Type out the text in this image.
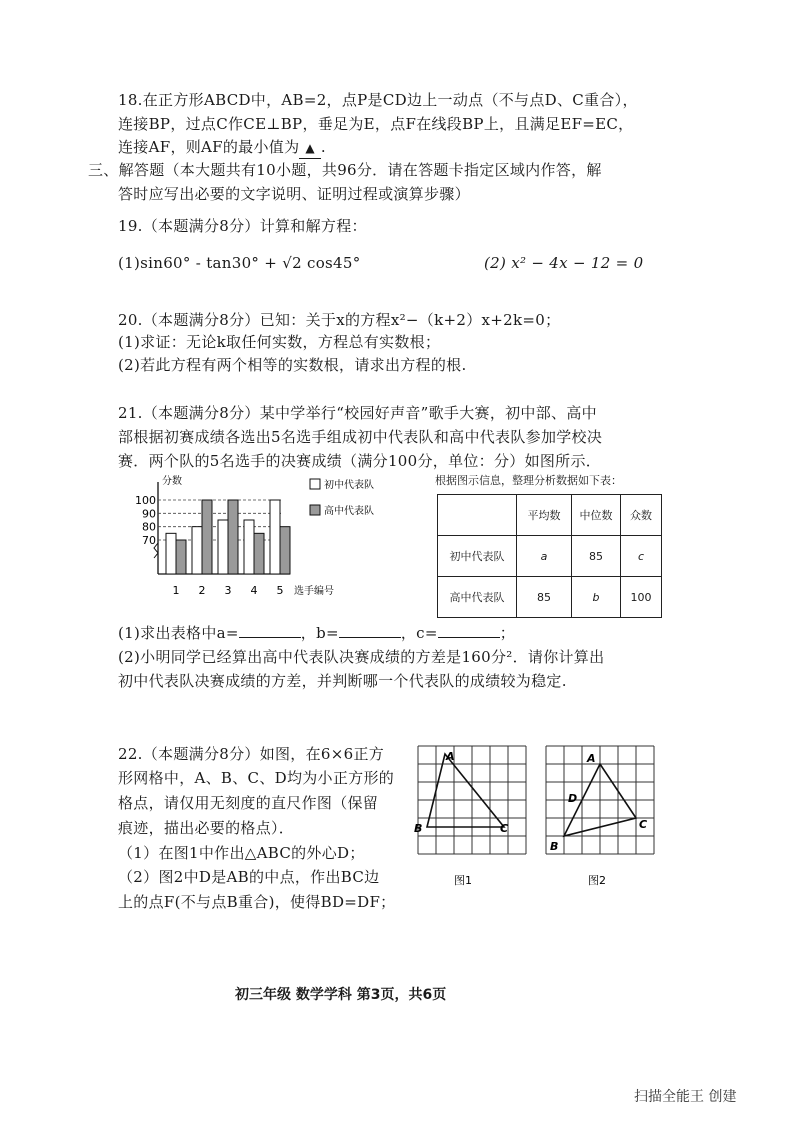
18.在正方形ABCD中，AB=2，点P是CD边上一动点（不与点D、C重合），
连接BP，过点C作CE⊥BP，垂足为E，点F在线段BP上，且满足EF=EC，
连接AF，则AF的最小值为 ▲ .
三、解答题（本大题共有10小题，共96分．请在答题卡指定区域内作答，解
答时应写出必要的文字说明、证明过程或演算步骤）
19.（本题满分8分）计算和解方程：
(1)sin60° - tan30° + √2 cos45°	(2) x² − 4x − 12 = 0
20.（本题满分8分）已知：关于x的方程x²−（k+2）x+2k=0；
(1)求证：无论k取任何实数，方程总有实数根；
(2)若此方程有两个相等的实数根，请求出方程的根.
21.（本题满分8分）某中学举行“校园好声音”歌手大赛，初中部、高中
部根据初赛成绩各选出5名选手组成初中代表队和高中代表队参加学校决
赛．两个队的5名选手的决赛成绩（满分100分，单位：分）如图所示．
分数
选手编号
70
80
90
100
1 2 3 4 5
初中代表队
高中代表队
根据图示信息，整理分析数据如下表：
	平均数	中位数	众数
初中代表队	a	85	c
高中代表队	85	b	100
(1)求出表格中a=	，b=	，c=	；
(2)小明同学已经算出高中代表队决赛成绩的方差是160分²．请你计算出
初中代表队决赛成绩的方差，并判断哪一个代表队的成绩较为稳定.
22.（本题满分8分）如图，在6×6正方
形网格中，A、B、C、D均为小正方形的
格点，请仅用无刻度的直尺作图（保留
痕迹，描出必要的格点）．
（1）在图1中作出△ABC的外心D；
（2）图2中D是AB的中点，作出BC边
上的点F(不与点B重合)，使得BD=DF；
A
B	C
图1
A
B
C
D
图2
初三年级 数学学科 第3页，共6页
扫描全能王 创建
